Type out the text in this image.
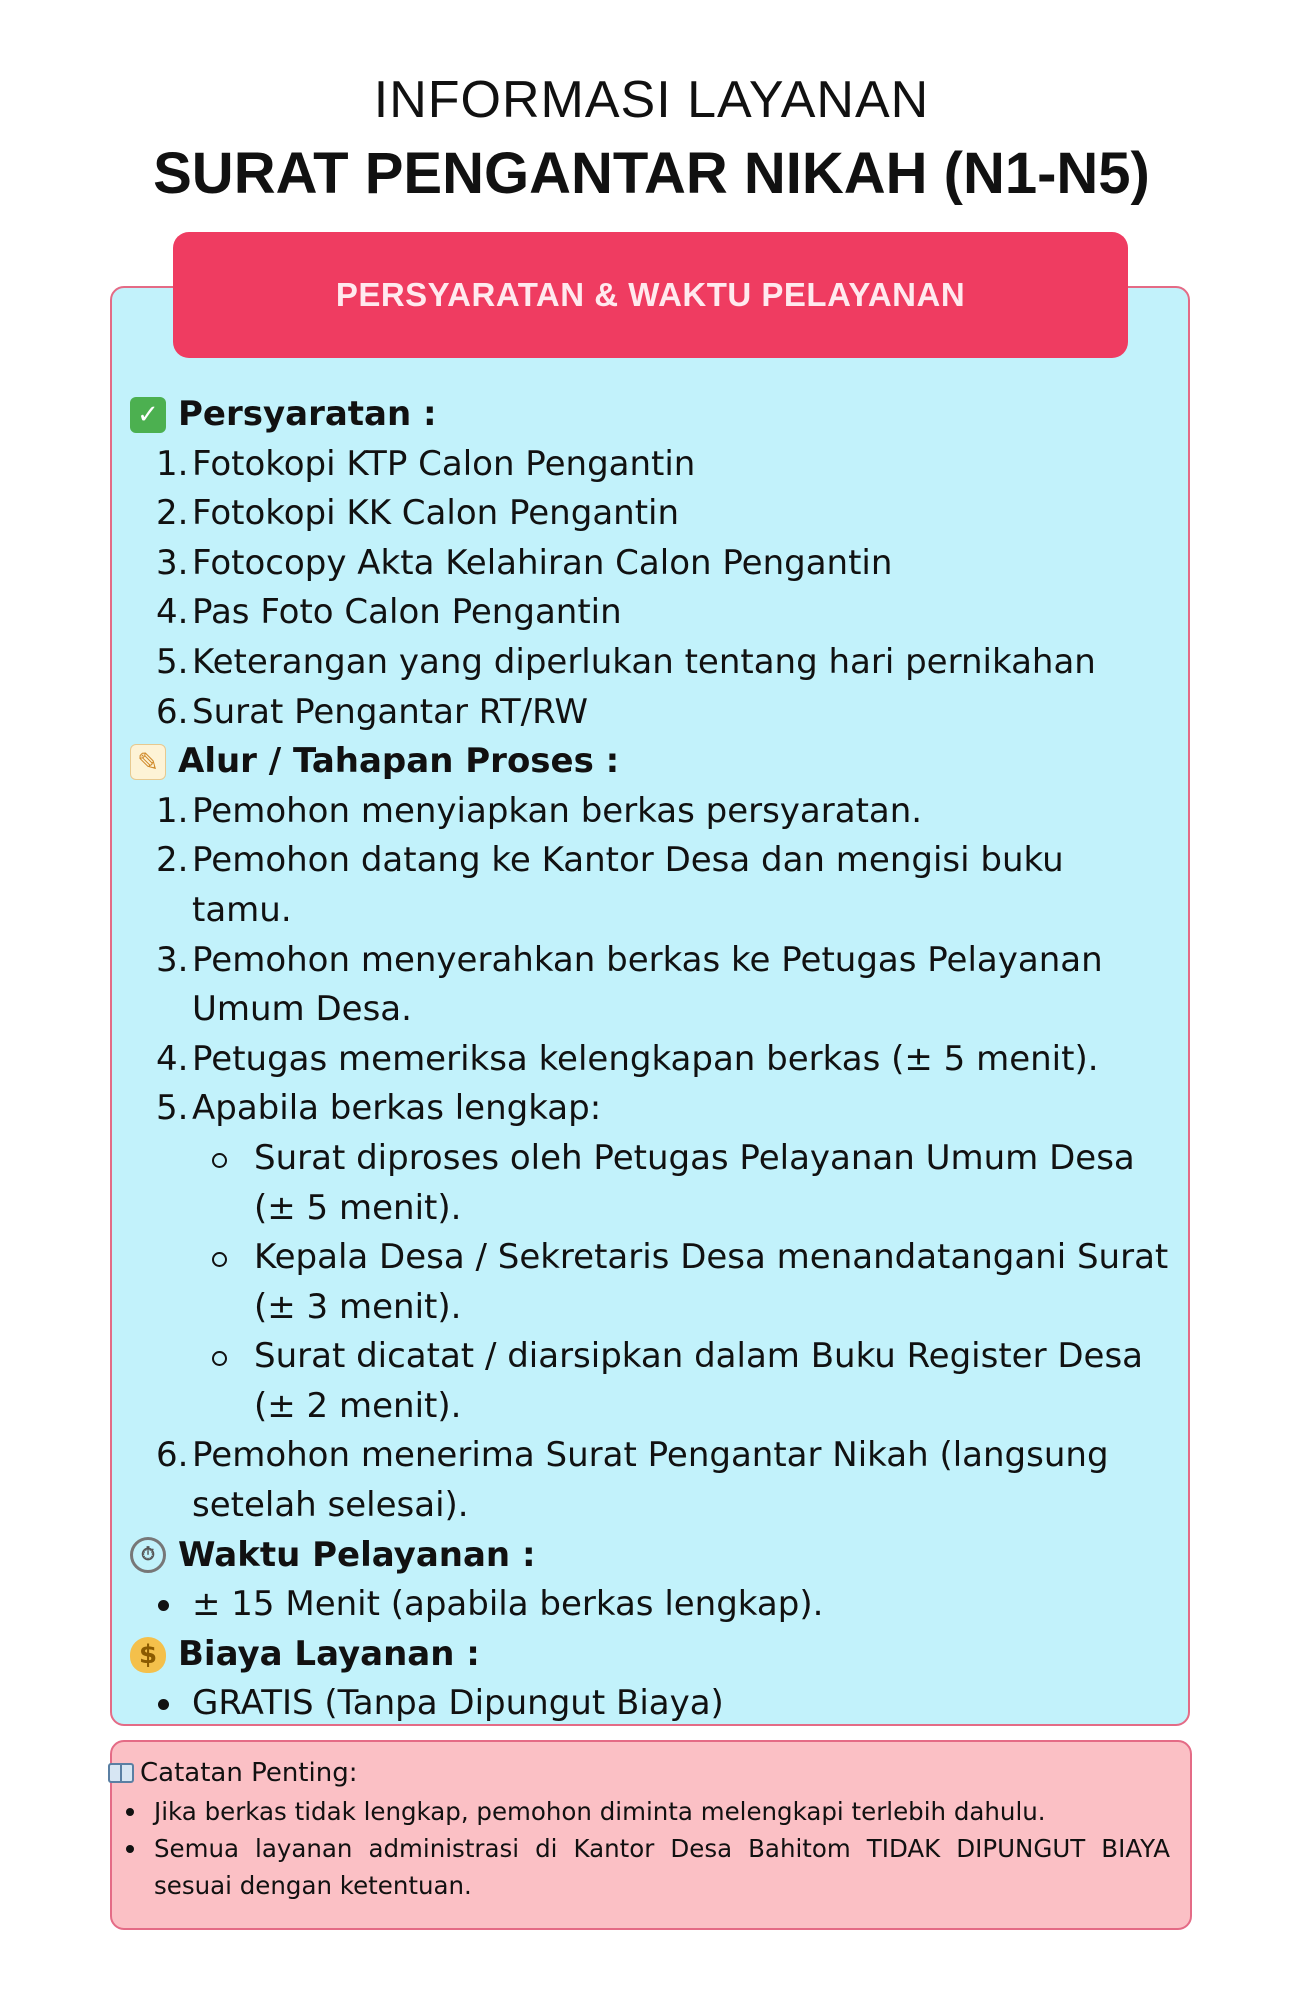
INFORMASI LAYANAN
SURAT PENGANTAR NIKAH (N1-N5)
PERSYARATAN & WAKTU PELAYANAN
✓ Persyaratan :
1. Fotokopi KTP Calon Pengantin
2. Fotokopi KK Calon Pengantin
3. Fotocopy Akta Kelahiran Calon Pengantin
4. Pas Foto Calon Pengantin
5. Keterangan yang diperlukan tentang hari pernikahan
6. Surat Pengantar RT/RW
✎ Alur / Tahapan Proses :
1. Pemohon menyiapkan berkas persyaratan.
2. Pemohon datang ke Kantor Desa dan mengisi buku tamu.
3. Pemohon menyerahkan berkas ke Petugas Pelayanan Umum Desa.
4. Petugas memeriksa kelengkapan berkas (± 5 menit).
5. Apabila berkas lengkap:
Surat diproses oleh Petugas Pelayanan Umum Desa (± 5 menit).
Kepala Desa / Sekretaris Desa menandatangani Surat (± 3 menit).
Surat dicatat / diarsipkan dalam Buku Register Desa (± 2 menit).
6. Pemohon menerima Surat Pengantar Nikah (langsung setelah selesai).
⏱ Waktu Pelayanan :
± 15 Menit (apabila berkas lengkap).
$ Biaya Layanan :
GRATIS (Tanpa Dipungut Biaya)
Catatan Penting:
Jika berkas tidak lengkap, pemohon diminta melengkapi terlebih dahulu.
Semua layanan administrasi di Kantor Desa Bahitom TIDAK DIPUNGUT BIAYA sesuai dengan ketentuan.
